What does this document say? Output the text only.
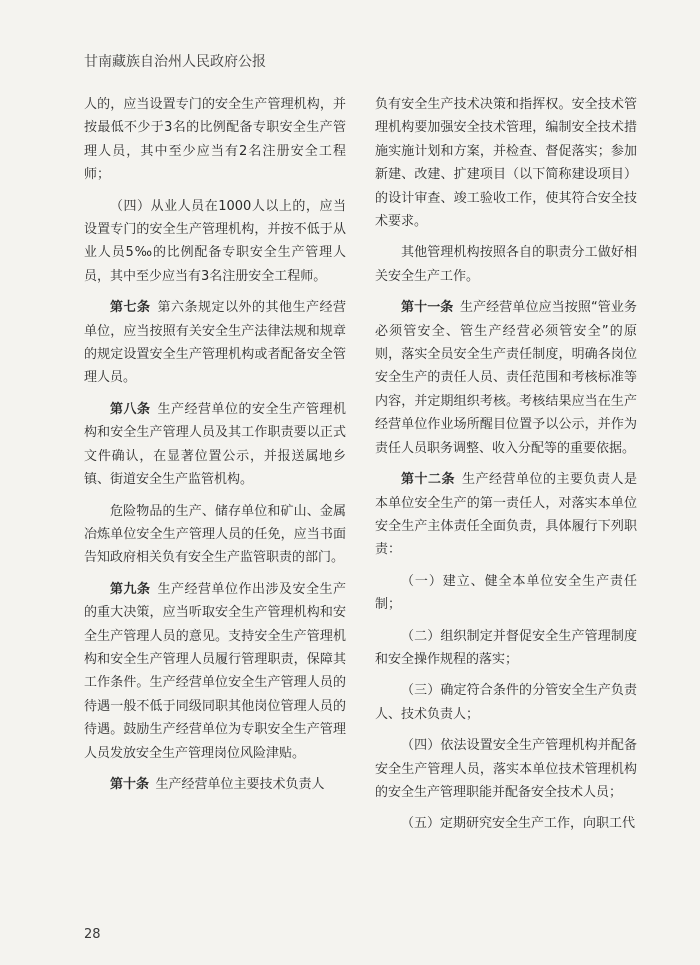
甘南藏族自治州人民政府公报

人的，应当设置专门的安全生产管理机构，并按最低不少于3名的比例配备专职安全生产管理人员，其中至少应当有2名注册安全工程师；

（四）从业人员在1000人以上的，应当设置专门的安全生产管理机构，并按不低于从业人员5‰的比例配备专职安全生产管理人员，其中至少应当有3名注册安全工程师。

第七条  第六条规定以外的其他生产经营单位，应当按照有关安全生产法律法规和规章的规定设置安全生产管理机构或者配备安全管理人员。

第八条  生产经营单位的安全生产管理机构和安全生产管理人员及其工作职责要以正式文件确认，在显著位置公示，并报送属地乡镇、街道安全生产监管机构。

危险物品的生产、储存单位和矿山、金属冶炼单位安全生产管理人员的任免，应当书面告知政府相关负有安全生产监管职责的部门。

第九条  生产经营单位作出涉及安全生产的重大决策，应当听取安全生产管理机构和安全生产管理人员的意见。支持安全生产管理机构和安全生产管理人员履行管理职责，保障其工作条件。生产经营单位安全生产管理人员的待遇一般不低于同级同职其他岗位管理人员的待遇。鼓励生产经营单位为专职安全生产管理人员发放安全生产管理岗位风险津贴。

第十条  生产经营单位主要技术负责人

负有安全生产技术决策和指挥权。安全技术管理机构要加强安全技术管理，编制安全技术措施实施计划和方案，并检查、督促落实；参加新建、改建、扩建项目（以下简称建设项目）的设计审查、竣工验收工作，使其符合安全技术要求。

其他管理机构按照各自的职责分工做好相关安全生产工作。

第十一条  生产经营单位应当按照“管业务必须管安全、管生产经营必须管安全”的原则，落实全员安全生产责任制度，明确各岗位安全生产的责任人员、责任范围和考核标准等内容，并定期组织考核。考核结果应当在生产经营单位作业场所醒目位置予以公示，并作为责任人员职务调整、收入分配等的重要依据。

第十二条  生产经营单位的主要负责人是本单位安全生产的第一责任人，对落实本单位安全生产主体责任全面负责，具体履行下列职责：

（一）建立、健全本单位安全生产责任制；

（二）组织制定并督促安全生产管理制度和安全操作规程的落实；

（三）确定符合条件的分管安全生产负责人、技术负责人；

（四）依法设置安全生产管理机构并配备安全生产管理人员，落实本单位技术管理机构的安全生产管理职能并配备安全技术人员；

（五）定期研究安全生产工作，向职工代

28
